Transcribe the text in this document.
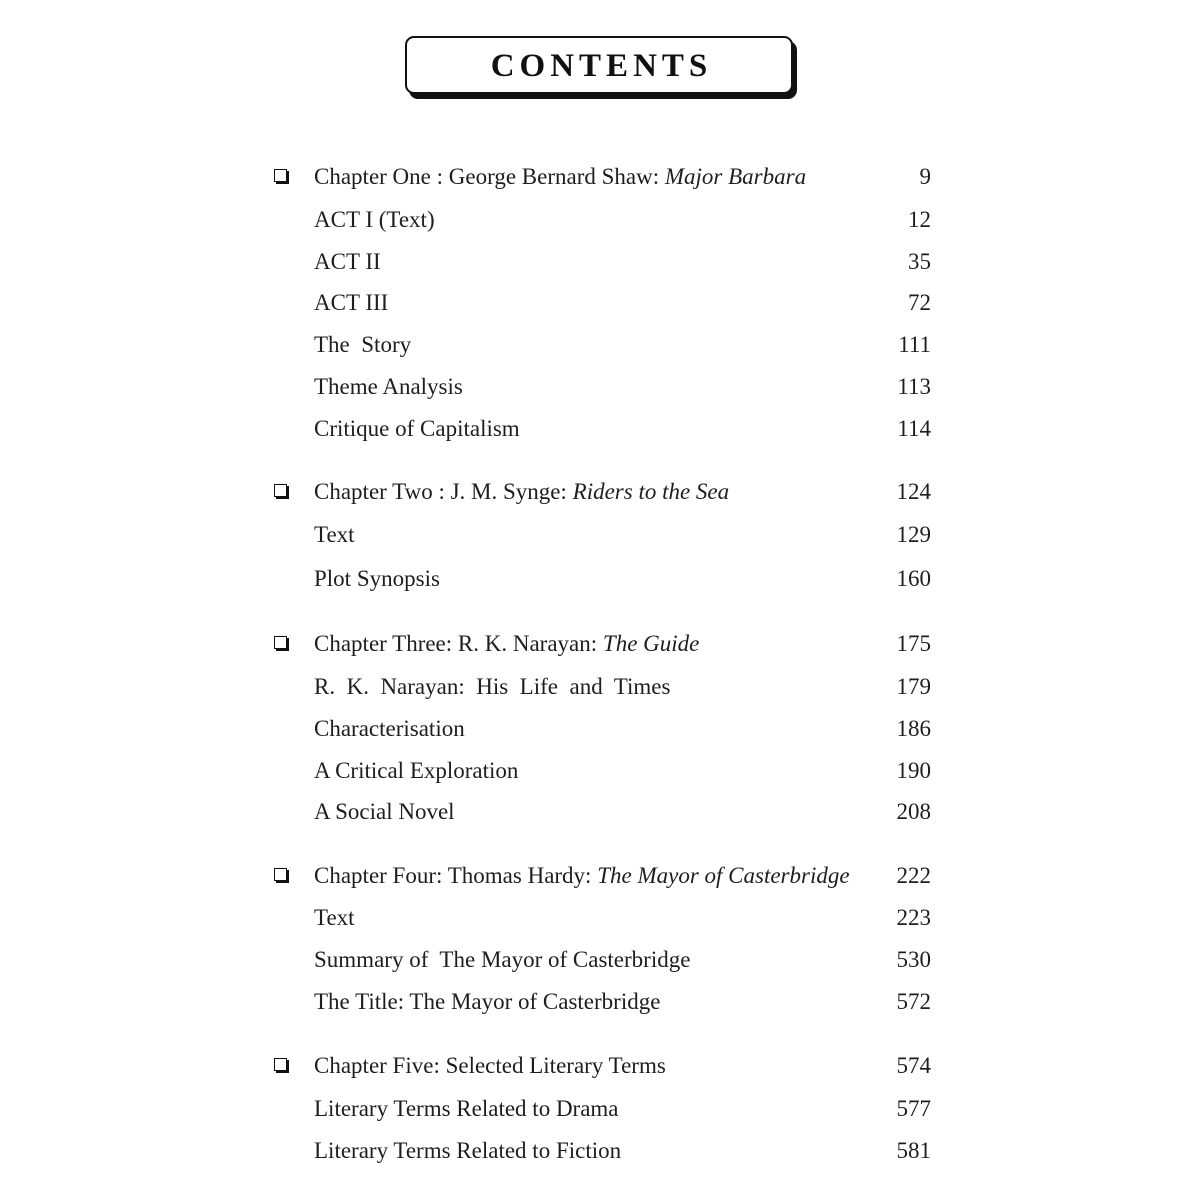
CONTENTS
Chapter One : George Bernard Shaw: Major Barbara	9
ACT I (Text)	12
ACT II	35
ACT III	72
The  Story	111
Theme Analysis	113
Critique of Capitalism	114
Chapter Two : J. M. Synge: Riders to the Sea	124
Text	129
Plot Synopsis	160
Chapter Three: R. K. Narayan: The Guide	175
R.  K.  Narayan:  His  Life  and  Times	179
Characterisation	186
A Critical Exploration	190
A Social Novel	208
Chapter Four: Thomas Hardy: The Mayor of Casterbridge 222
Text	223
Summary of  The Mayor of Casterbridge	530
The Title: The Mayor of Casterbridge	572
Chapter Five: Selected Literary Terms	574
Literary Terms Related to Drama	577
Literary Terms Related to Fiction	581
